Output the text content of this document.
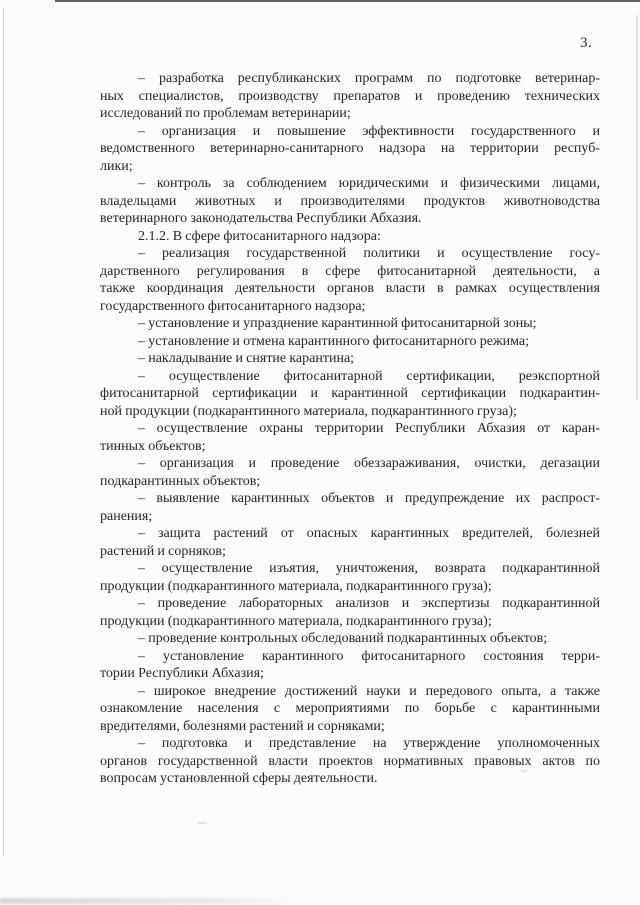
3.
– разработка республиканских программ по подготовке ветеринар-
ных специалистов, производству препаратов и проведению технических
исследований по проблемам ветеринарии;
– организация и повышение эффективности государственного и
ведомственного ветеринарно-санитарного надзора на территории респуб-
лики;
– контроль за соблюдением юридическими и физическими лицами,
владельцами животных и производителями продуктов животноводства
ветеринарного законодательства Республики Абхазия.
2.1.2. В сфере фитосанитарного надзора:
– реализация государственной политики и осуществление госу-
дарственного регулирования в сфере фитосанитарной деятельности, а
также координация деятельности органов власти в рамках осуществления
государственного фитосанитарного надзора;
– установление и упразднение карантинной фитосанитарной зоны;
– установление и отмена карантинного фитосанитарного режима;
– накладывание и снятие карантина;
– осуществление фитосанитарной сертификации, реэкспортной
фитосанитарной сертификации и карантинной сертификации подкарантин-
ной продукции (подкарантинного материала, подкарантинного груза);
– осуществление охраны территории Республики Абхазия от каран-
тинных объектов;
– организация и проведение обеззараживания, очистки, дегазации
подкарантинных объектов;
– выявление карантинных объектов и предупреждение их распрост-
ранения;
– защита растений от опасных карантинных вредителей, болезней
растений и сорняков;
– осуществление изъятия, уничтожения, возврата подкарантинной
продукции (подкарантинного материала, подкарантинного груза);
– проведение лабораторных анализов и экспертизы подкарантинной
продукции (подкарантинного материала, подкарантинного груза);
– проведение контрольных обследований подкарантинных объектов;
– установление карантинного фитосанитарного состояния терри-
тории Республики Абхазия;
– широкое внедрение достижений науки и передового опыта, а также
ознакомление населения с мероприятиями по борьбе с карантинными
вредителями, болезнями растений и сорняками;
– подготовка и представление на утверждение уполномоченных
органов государственной власти проектов нормативных правовых актов по
вопросам установленной сферы деятельности.
